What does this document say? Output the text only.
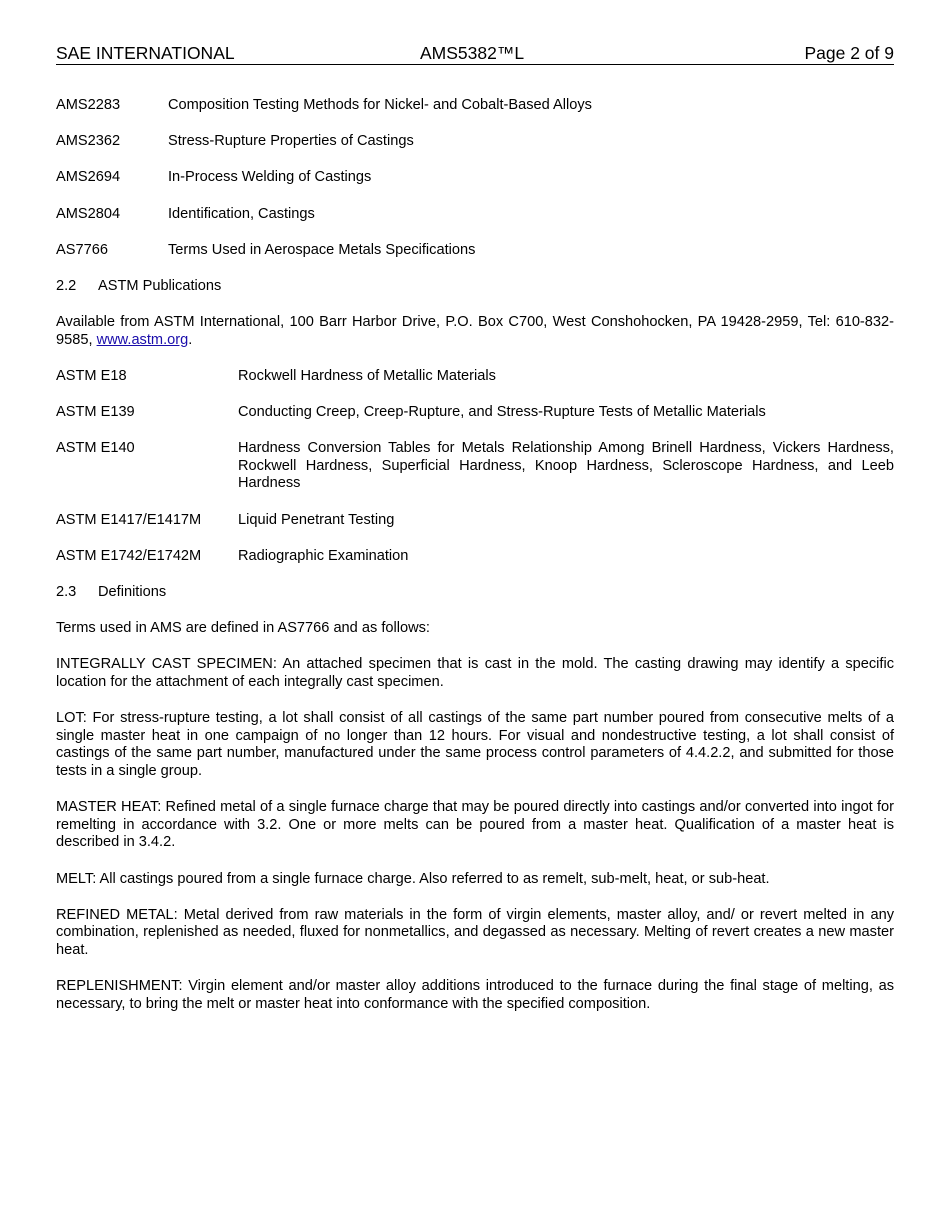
SAE INTERNATIONAL	AMS5382™L	Page 2 of 9
AMS2283	Composition Testing Methods for Nickel- and Cobalt-Based Alloys
AMS2362	Stress-Rupture Properties of Castings
AMS2694	In-Process Welding of Castings
AMS2804	Identification, Castings
AS7766	Terms Used in Aerospace Metals Specifications
2.2	ASTM Publications

Available from ASTM International, 100 Barr Harbor Drive, P.O. Box C700, West Conshohocken, PA 19428-2959, Tel: 610-832-9585, www.astm.org.

ASTM E18	Rockwell Hardness of Metallic Materials
ASTM E139	Conducting Creep, Creep-Rupture, and Stress-Rupture Tests of Metallic Materials
ASTM E140	Hardness Conversion Tables for Metals Relationship Among Brinell Hardness, Vickers Hardness, Rockwell Hardness, Superficial Hardness, Knoop Hardness, Scleroscope Hardness, and Leeb Hardness
ASTM E1417/E1417M	Liquid Penetrant Testing
ASTM E1742/E1742M	Radiographic Examination
2.3	Definitions

Terms used in AMS are defined in AS7766 and as follows:

INTEGRALLY CAST SPECIMEN: An attached specimen that is cast in the mold. The casting drawing may identify a specific location for the attachment of each integrally cast specimen.

LOT: For stress-rupture testing, a lot shall consist of all castings of the same part number poured from consecutive melts of a single master heat in one campaign of no longer than 12 hours. For visual and nondestructive testing, a lot shall consist of castings of the same part number, manufactured under the same process control parameters of 4.4.2.2, and submitted for those tests in a single group.

MASTER HEAT: Refined metal of a single furnace charge that may be poured directly into castings and/or converted into ingot for remelting in accordance with 3.2. One or more melts can be poured from a master heat. Qualification of a master heat is described in 3.4.2.

MELT: All castings poured from a single furnace charge. Also referred to as remelt, sub-melt, heat, or sub-heat.

REFINED METAL: Metal derived from raw materials in the form of virgin elements, master alloy, and/ or revert melted in any combination, replenished as needed, fluxed for nonmetallics, and degassed as necessary. Melting of revert creates a new master heat.

REPLENISHMENT: Virgin element and/or master alloy additions introduced to the furnace during the final stage of melting, as necessary, to bring the melt or master heat into conformance with the specified composition.
